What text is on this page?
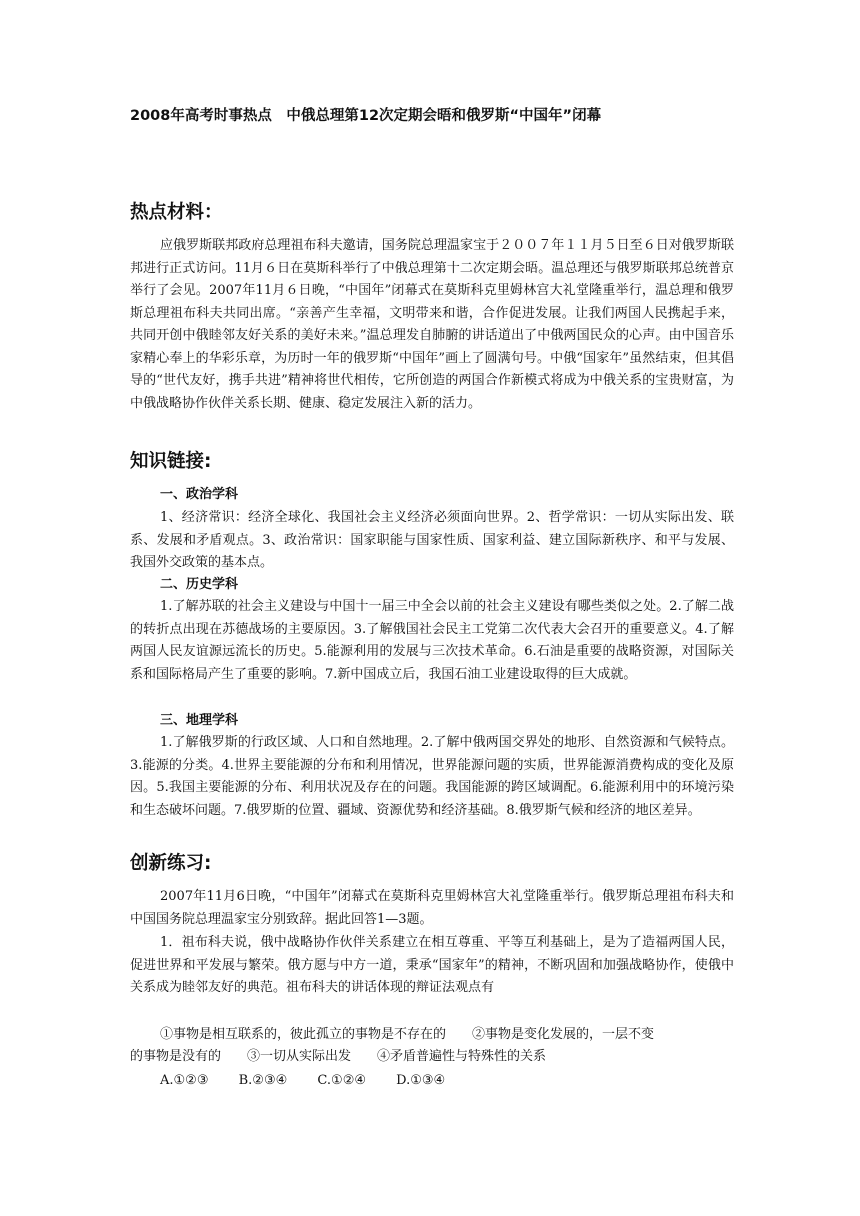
2008年高考时事热点　中俄总理第12次定期会晤和俄罗斯“中国年”闭幕
热点材料：

应俄罗斯联邦政府总理祖布科夫邀请，国务院总理温家宝于２００７年１１月５日至６日对俄罗斯联邦进行正式访问。11月６日在莫斯科举行了中俄总理第十二次定期会晤。温总理还与俄罗斯联邦总统普京举行了会见。2007年11月６日晚，“中国年”闭幕式在莫斯科克里姆林宫大礼堂隆重举行，温总理和俄罗斯总理祖布科夫共同出席。“亲善产生幸福，文明带来和谐，合作促进发展。让我们两国人民携起手来，共同开创中俄睦邻友好关系的美好未来。”温总理发自肺腑的讲话道出了中俄两国民众的心声。由中国音乐家精心奉上的华彩乐章，为历时一年的俄罗斯“中国年”画上了圆满句号。中俄“国家年”虽然结束，但其倡导的“世代友好，携手共进”精神将世代相传，它所创造的两国合作新模式将成为中俄关系的宝贵财富，为中俄战略协作伙伴关系长期、健康、稳定发展注入新的活力。

知识链接:
一、政治学科

1、经济常识：经济全球化、我国社会主义经济必须面向世界。2、哲学常识：一切从实际出发、联系、发展和矛盾观点。3、政治常识：国家职能与国家性质、国家利益、建立国际新秩序、和平与发展、我国外交政策的基本点。

二、历史学科

1.了解苏联的社会主义建设与中国十一届三中全会以前的社会主义建设有哪些类似之处。2.了解二战的转折点出现在苏德战场的主要原因。3.了解俄国社会民主工党第二次代表大会召开的重要意义。4.了解两国人民友谊源远流长的历史。5.能源利用的发展与三次技术革命。6.石油是重要的战略资源，对国际关系和国际格局产生了重要的影响。7.新中国成立后，我国石油工业建设取得的巨大成就。

三、地理学科

1.了解俄罗斯的行政区域、人口和自然地理。2.了解中俄两国交界处的地形、自然资源和气候特点。3.能源的分类。4.世界主要能源的分布和利用情况，世界能源问题的实质，世界能源消费构成的变化及原因。5.我国主要能源的分布、利用状况及存在的问题。我国能源的跨区域调配。6.能源利用中的环境污染和生态破坏问题。7.俄罗斯的位置、疆域、资源优势和经济基础。8.俄罗斯气候和经济的地区差异。

创新练习:

2007年11月6日晚，“中国年”闭幕式在莫斯科克里姆林宫大礼堂隆重举行。俄罗斯总理祖布科夫和中国国务院总理温家宝分别致辞。据此回答1—3题。

1．祖布科夫说，俄中战略协作伙伴关系建立在相互尊重、平等互利基础上，是为了造福两国人民，促进世界和平发展与繁荣。俄方愿与中方一道，秉承“国家年”的精神，不断巩固和加强战略协作，使俄中关系成为睦邻友好的典范。祖布科夫的讲话体现的辩证法观点有

①事物是相互联系的，彼此孤立的事物是不存在的　　②事物是变化发展的，一层不变
的事物是没有的　　③一切从实际出发　　④矛盾普遍性与特殊性的关系
A.①②③ B.②③④ C.①②④ D.①③④
